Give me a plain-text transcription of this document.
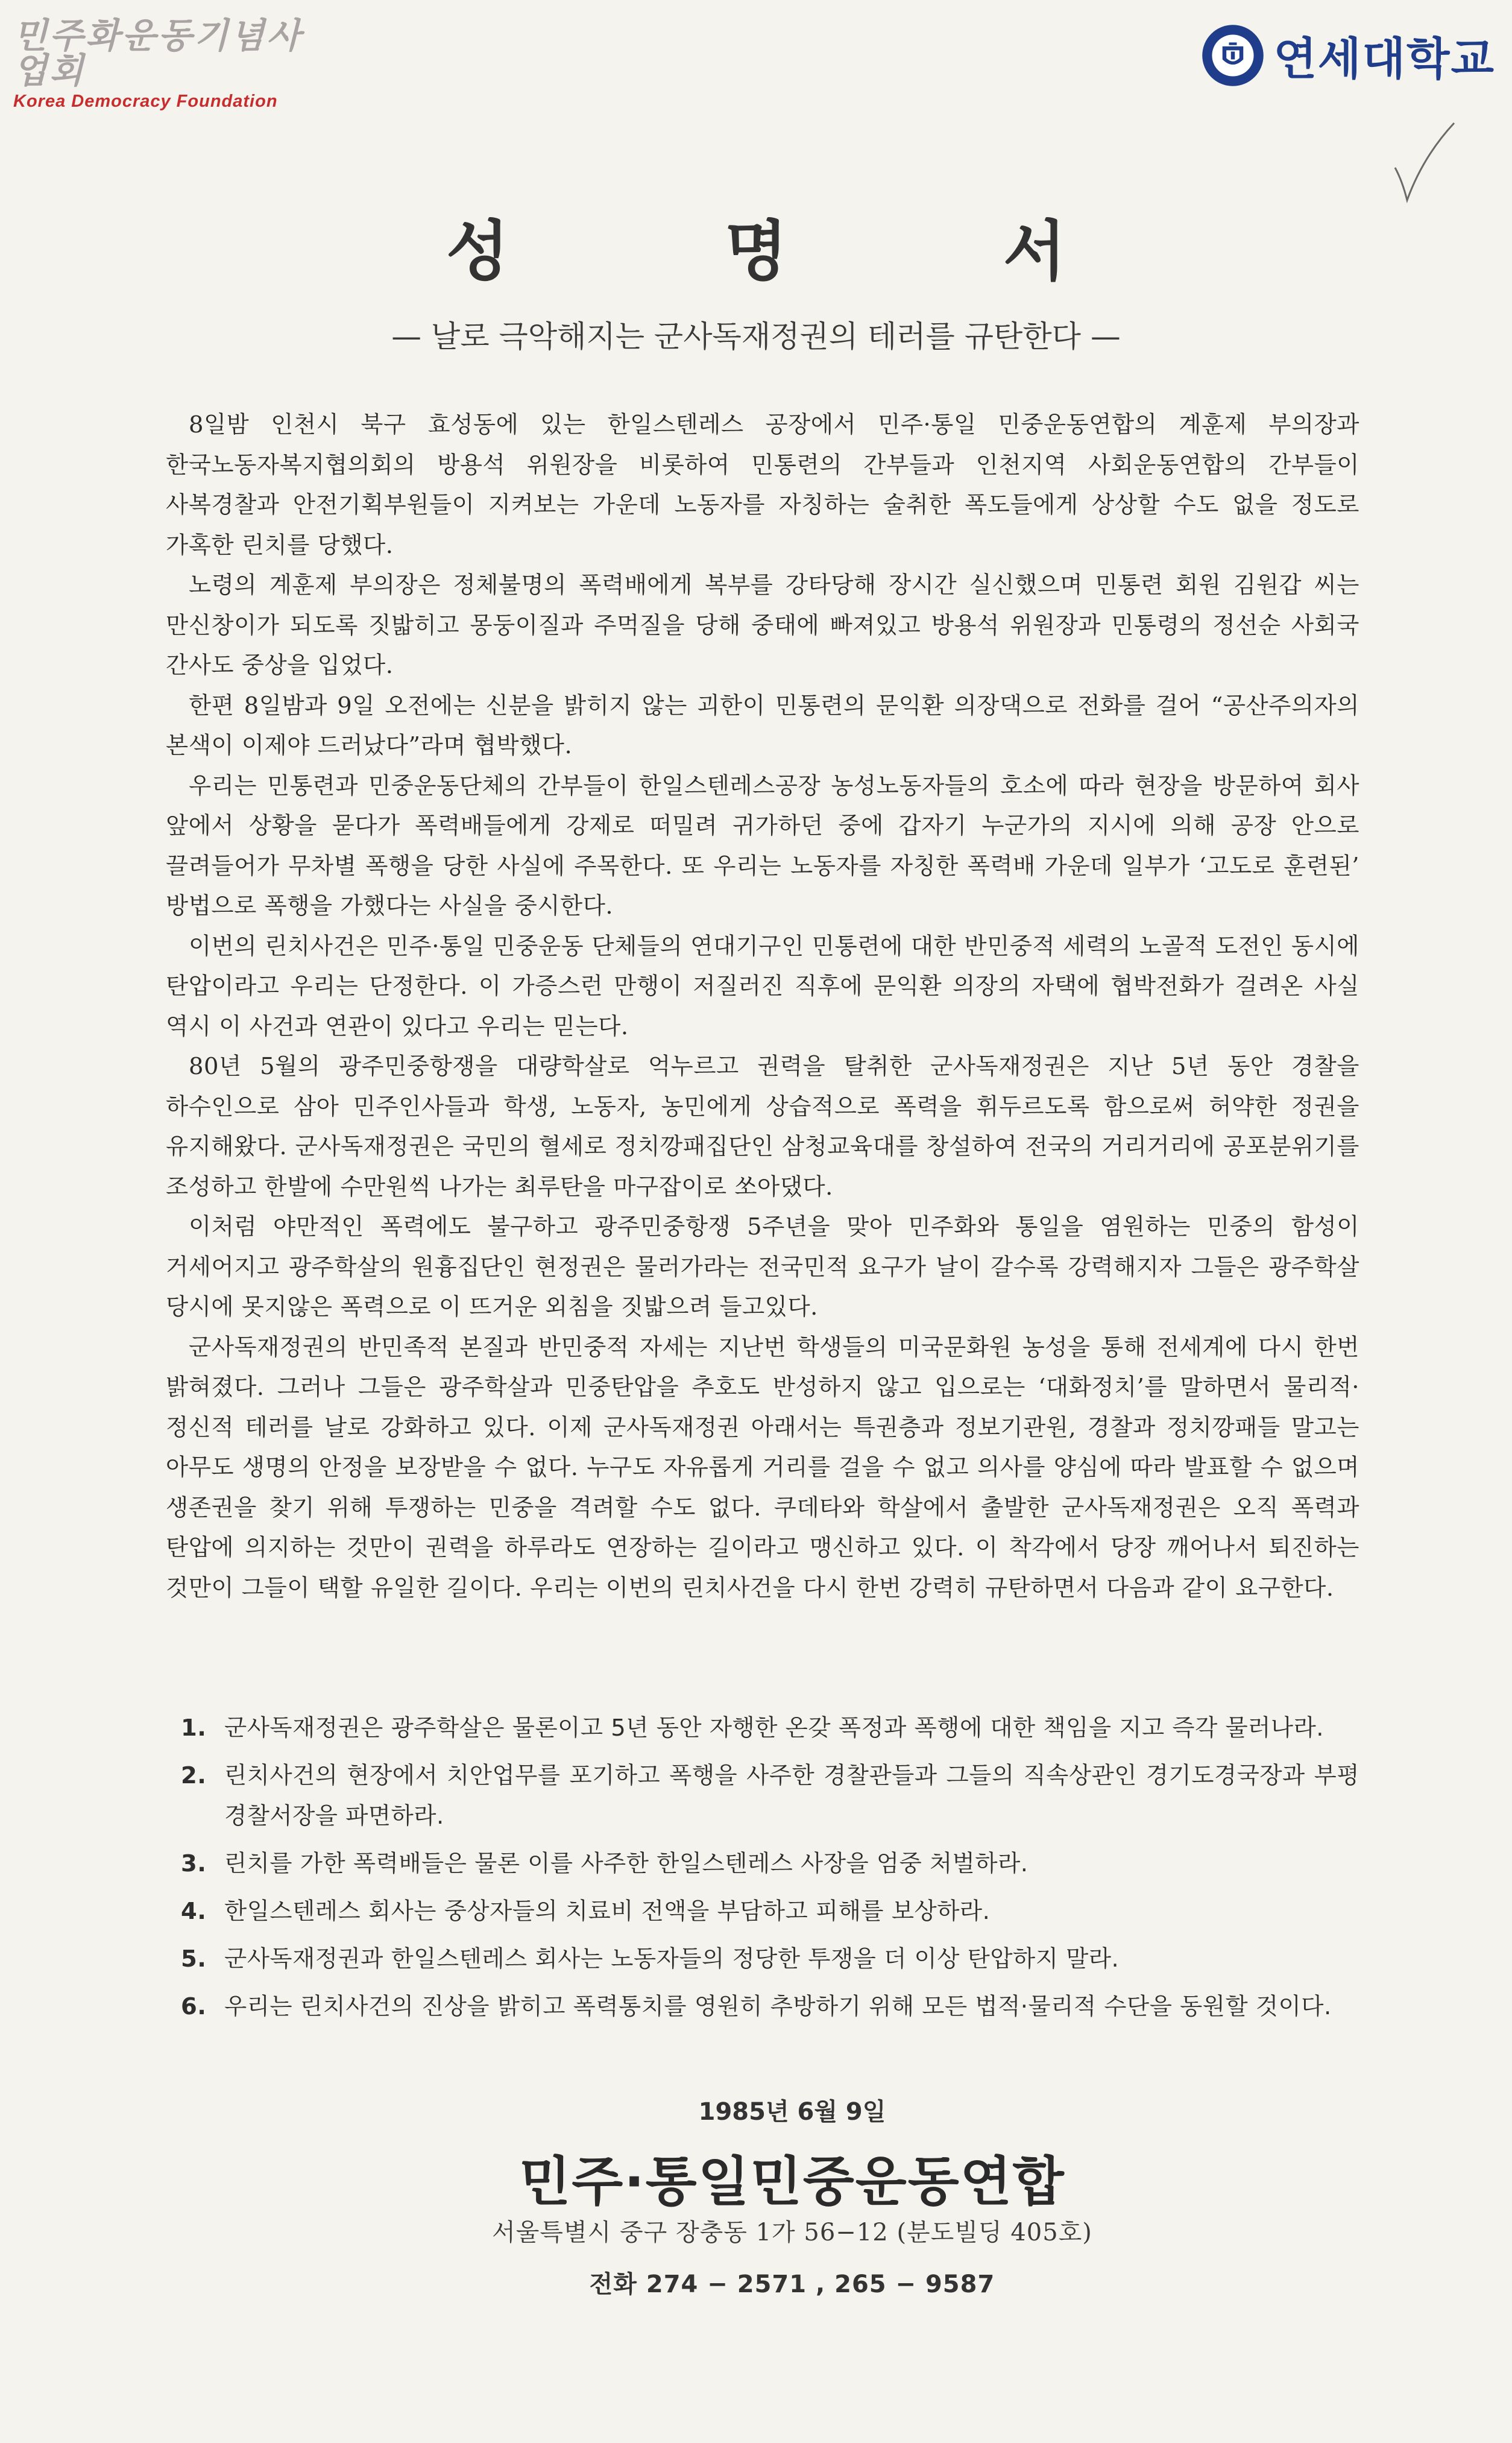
민주화운동기념사업회
Korea Democracy Foundation
연세대학교
성 명 서
— 날로 극악해지는 군사독재정권의 테러를 규탄한다 —

8일밤 인천시 북구 효성동에 있는 한일스텐레스 공장에서 민주·통일 민중운동연합의 계훈제 부의장과 한국노동자복지협의회의 방용석 위원장을 비롯하여 민통련의 간부들과 인천지역 사회운동연합의 간부들이 사복경찰과 안전기획부원들이 지켜보는 가운데 노동자를 자칭하는 술취한 폭도들에게 상상할 수도 없을 정도로 가혹한 린치를 당했다.

노령의 계훈제 부의장은 정체불명의 폭력배에게 복부를 강타당해 장시간 실신했으며 민통련 회원 김원갑 씨는 만신창이가 되도록 짓밟히고 몽둥이질과 주먹질을 당해 중태에 빠져있고 방용석 위원장과 민통령의 정선순 사회국 간사도 중상을 입었다.

한편 8일밤과 9일 오전에는 신분을 밝히지 않는 괴한이 민통련의 문익환 의장댁으로 전화를 걸어 “공산주의자의 본색이 이제야 드러났다”라며 협박했다.

우리는 민통련과 민중운동단체의 간부들이 한일스텐레스공장 농성노동자들의 호소에 따라 현장을 방문하여 회사 앞에서 상황을 묻다가 폭력배들에게 강제로 떠밀려 귀가하던 중에 갑자기 누군가의 지시에 의해 공장 안으로 끌려들어가 무차별 폭행을 당한 사실에 주목한다. 또 우리는 노동자를 자칭한 폭력배 가운데 일부가 ‘고도로 훈련된’ 방법으로 폭행을 가했다는 사실을 중시한다.

이번의 린치사건은 민주·통일 민중운동 단체들의 연대기구인 민통련에 대한 반민중적 세력의 노골적 도전인 동시에 탄압이라고 우리는 단정한다. 이 가증스런 만행이 저질러진 직후에 문익환 의장의 자택에 협박전화가 걸려온 사실 역시 이 사건과 연관이 있다고 우리는 믿는다.

80년 5월의 광주민중항쟁을 대량학살로 억누르고 권력을 탈취한 군사독재정권은 지난 5년 동안 경찰을 하수인으로 삼아 민주인사들과 학생, 노동자, 농민에게 상습적으로 폭력을 휘두르도록 함으로써 허약한 정권을 유지해왔다. 군사독재정권은 국민의 혈세로 정치깡패집단인 삼청교육대를 창설하여 전국의 거리거리에 공포분위기를 조성하고 한발에 수만원씩 나가는 최루탄을 마구잡이로 쏘아댔다.

이처럼 야만적인 폭력에도 불구하고 광주민중항쟁 5주년을 맞아 민주화와 통일을 염원하는 민중의 함성이 거세어지고 광주학살의 원흉집단인 현정권은 물러가라는 전국민적 요구가 날이 갈수록 강력해지자 그들은 광주학살 당시에 못지않은 폭력으로 이 뜨거운 외침을 짓밟으려 들고있다.

군사독재정권의 반민족적 본질과 반민중적 자세는 지난번 학생들의 미국문화원 농성을 통해 전세계에 다시 한번 밝혀졌다. 그러나 그들은 광주학살과 민중탄압을 추호도 반성하지 않고 입으로는 ‘대화정치’를 말하면서 물리적·정신적 테러를 날로 강화하고 있다. 이제 군사독재정권 아래서는 특권층과 정보기관원, 경찰과 정치깡패들 말고는 아무도 생명의 안정을 보장받을 수 없다. 누구도 자유롭게 거리를 걸을 수 없고 의사를 양심에 따라 발표할 수 없으며 생존권을 찾기 위해 투쟁하는 민중을 격려할 수도 없다. 쿠데타와 학살에서 출발한 군사독재정권은 오직 폭력과 탄압에 의지하는 것만이 권력을 하루라도 연장하는 길이라고 맹신하고 있다. 이 착각에서 당장 깨어나서 퇴진하는 것만이 그들이 택할 유일한 길이다. 우리는 이번의 린치사건을 다시 한번 강력히 규탄하면서 다음과 같이 요구한다.

1. 군사독재정권은 광주학살은 물론이고 5년 동안 자행한 온갖 폭정과 폭행에 대한 책임을 지고 즉각 물러나라.
2. 린치사건의 현장에서 치안업무를 포기하고 폭행을 사주한 경찰관들과 그들의 직속상관인 경기도경국장과 부평 경찰서장을 파면하라.
3. 린치를 가한 폭력배들은 물론 이를 사주한 한일스텐레스 사장을 엄중 처벌하라.
4. 한일스텐레스 회사는 중상자들의 치료비 전액을 부담하고 피해를 보상하라.
5. 군사독재정권과 한일스텐레스 회사는 노동자들의 정당한 투쟁을 더 이상 탄압하지 말라.
6. 우리는 린치사건의 진상을 밝히고 폭력통치를 영원히 추방하기 위해 모든 법적·물리적 수단을 동원할 것이다.
1985년 6월 9일
민주·통일민중운동연합
서울특별시 중구 장충동 1가 56−12 (분도빌딩 405호)
전화 274 − 2571 , 265 − 9587
